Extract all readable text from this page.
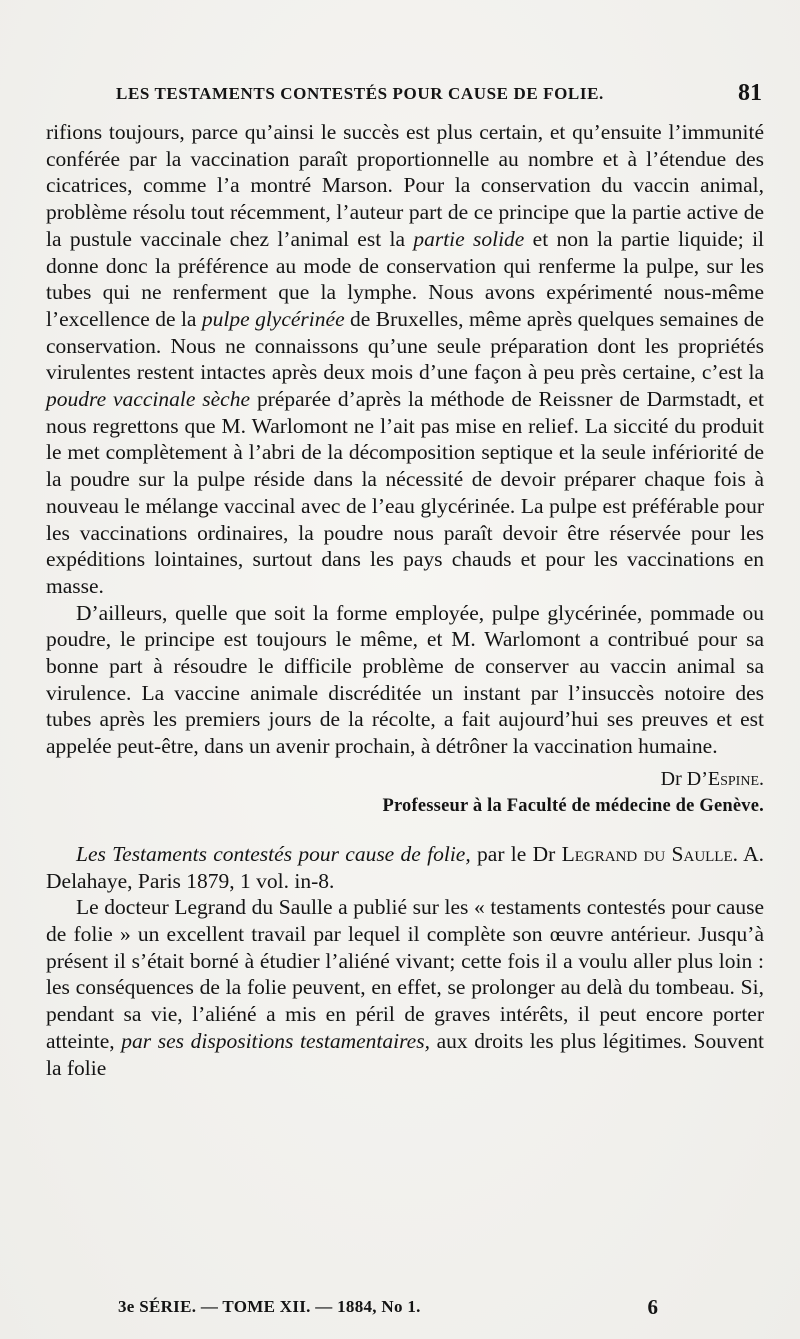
LES TESTAMENTS CONTESTÉS POUR CAUSE DE FOLIE.	81

rifions toujours, parce qu’ainsi le succès est plus certain, et qu’ensuite l’immunité conférée par la vaccination paraît proportionnelle au nombre et à l’étendue des cicatrices, comme l’a montré Marson. Pour la conservation du vaccin animal, problème résolu tout récemment, l’auteur part de ce principe que la partie active de la pustule vaccinale chez l’animal est la partie solide et non la partie liquide; il donne donc la préférence au mode de conservation qui renferme la pulpe, sur les tubes qui ne renferment que la lymphe. Nous avons expérimenté nous-même l’excellence de la pulpe glycérinée de Bruxelles, même après quelques semaines de conservation. Nous ne connaissons qu’une seule préparation dont les propriétés virulentes restent intactes après deux mois d’une façon à peu près certaine, c’est la poudre vaccinale sèche préparée d’après la méthode de Reissner de Darmstadt, et nous regrettons que M. Warlomont ne l’ait pas mise en relief. La siccité du produit le met complètement à l’abri de la décomposition septique et la seule infériorité de la poudre sur la pulpe réside dans la nécessité de devoir préparer chaque fois à nouveau le mélange vaccinal avec de l’eau glycérinée. La pulpe est préférable pour les vaccinations ordinaires, la poudre nous paraît devoir être réservée pour les expéditions lointaines, surtout dans les pays chauds et pour les vaccinations en masse.

D’ailleurs, quelle que soit la forme employée, pulpe glycérinée, pommade ou poudre, le principe est toujours le même, et M. Warlomont a contribué pour sa bonne part à résoudre le difficile problème de conserver au vaccin animal sa virulence. La vaccine animale discréditée un instant par l’insuccès notoire des tubes après les premiers jours de la récolte, a fait aujourd’hui ses preuves et est appelée peut-être, dans un avenir prochain, à détrôner la vaccination humaine.

Dr D’Espine.

Professeur à la Faculté de médecine de Genève.

Les Testaments contestés pour cause de folie, par le Dr Legrand du Saulle. A. Delahaye, Paris 1879, 1 vol. in-8.

Le docteur Legrand du Saulle a publié sur les « testaments contestés pour cause de folie » un excellent travail par lequel il complète son œuvre antérieur. Jusqu’à présent il s’était borné à étudier l’aliéné vivant; cette fois il a voulu aller plus loin : les conséquences de la folie peuvent, en effet, se prolonger au delà du tombeau. Si, pendant sa vie, l’aliéné a mis en péril de graves intérêts, il peut encore porter atteinte, par ses dispositions testamentaires, aux droits les plus légitimes. Souvent la folie

3e SÉRIE. — TOME XII. — 1884, No 1.	6
